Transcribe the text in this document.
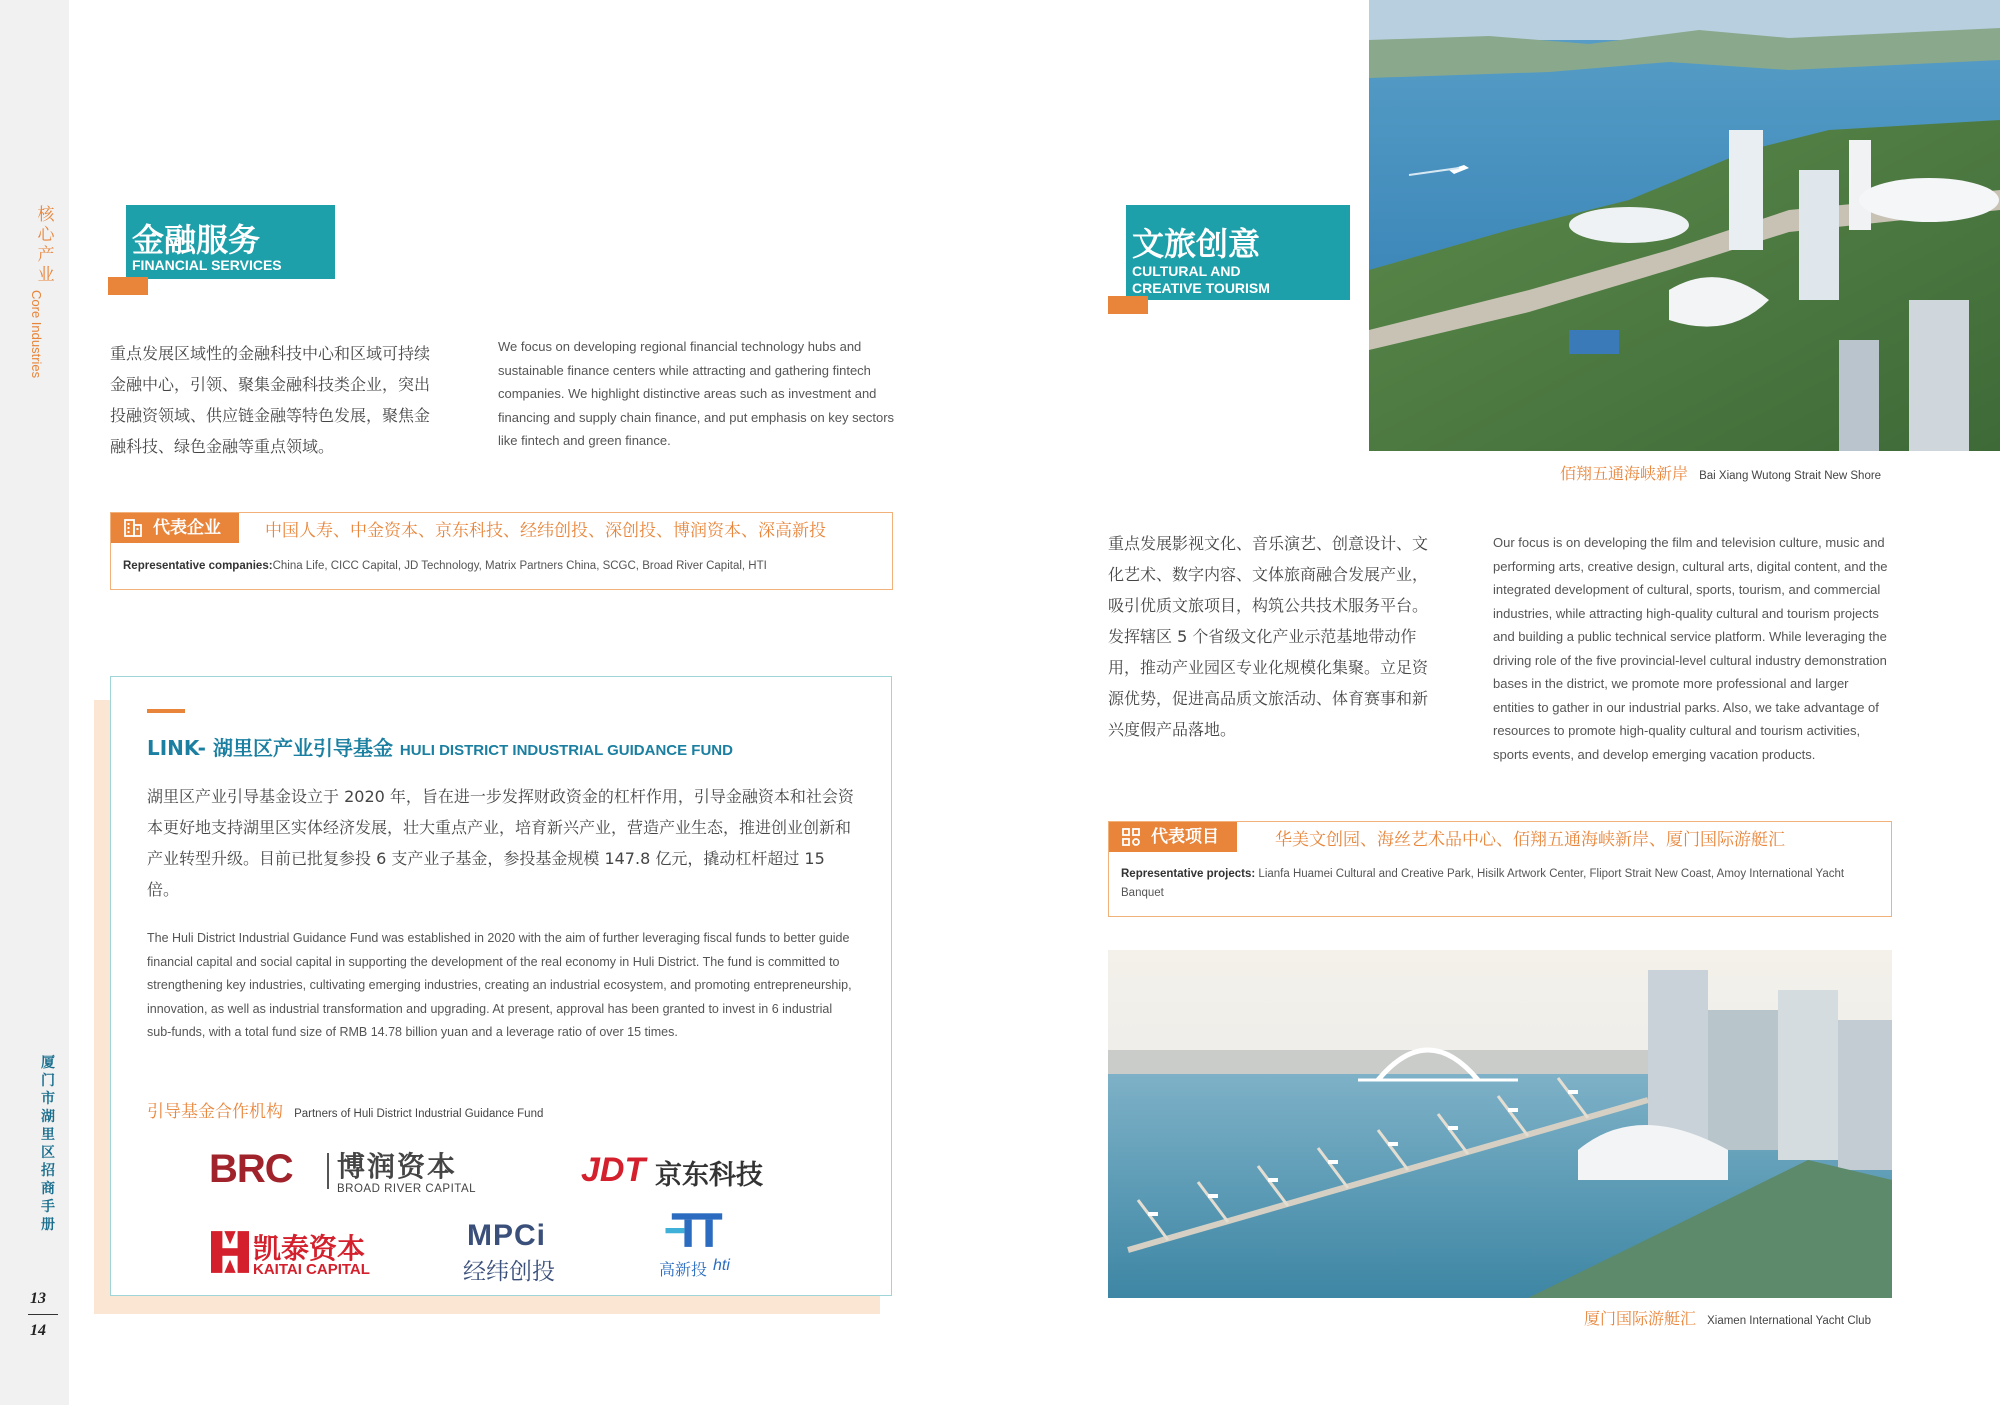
核心产业
Core Industries
厦门市湖里区招商手册
13
14
金融服务
FINANCIAL SERVICES
重点发展区域性的金融科技中心和区域可持续金融中心，引领、聚集金融科技类企业，突出投融资领域、供应链金融等特色发展，聚焦金融科技、绿色金融等重点领域。
We focus on developing regional financial technology hubs and sustainable finance centers while attracting and gathering fintech companies. We highlight distinctive areas such as investment and financing and supply chain finance, and put emphasis on key sectors like fintech and green finance.
代表企业	中国人寿、中金资本、京东科技、经纬创投、深创投、博润资本、深高新投
Representative companies:China Life, CICC Capital, JD Technology, Matrix Partners China, SCGC, Broad River Capital, HTI
LINK- 湖里区产业引导基金 HULI DISTRICT INDUSTRIAL GUIDANCE FUND
湖里区产业引导基金设立于 2020 年，旨在进一步发挥财政资金的杠杆作用，引导金融资本和社会资本更好地支持湖里区实体经济发展，壮大重点产业，培育新兴产业，营造产业生态，推进创业创新和产业转型升级。目前已批复参投 6 支产业子基金，参投基金规模 147.8 亿元，撬动杠杆超过 15 倍。
The Huli District Industrial Guidance Fund was established in 2020 with the aim of further leveraging fiscal funds to better guide financial capital and social capital in supporting the development of the real economy in Huli District. The fund is committed to strengthening key industries, cultivating emerging industries, creating an industrial ecosystem, and promoting entrepreneurship, innovation, as well as industrial transformation and upgrading. At present, approval has been granted to invest in 6 industrial sub-funds, with a total fund size of RMB 14.78 billion yuan and a leverage ratio of over 15 times.
引导基金合作机构 Partners of Huli District Industrial Guidance Fund
BRC 博润资本
BROAD RIVER CAPITAL	JDT 京东科技
凯泰资本
KAITAI CAPITAL
MPCi
经纬创投	高新投 hti
文旅创意
CULTURAL AND
CREATIVE TOURISM
佰翔五通海峡新岸 Bai Xiang Wutong Strait New Shore
重点发展影视文化、音乐演艺、创意设计、文化艺术、数字内容、文体旅商融合发展产业，吸引优质文旅项目，构筑公共技术服务平台。发挥辖区 5 个省级文化产业示范基地带动作用，推动产业园区专业化规模化集聚。立足资源优势，促进高品质文旅活动、体育赛事和新兴度假产品落地。
Our focus is on developing the film and television culture, music and performing arts, creative design, cultural arts, digital content, and the integrated development of cultural, sports, tourism, and commercial industries, while attracting high-quality cultural and tourism projects and building a public technical service platform. While leveraging the driving role of the five provincial-level cultural industry demonstration bases in the district, we promote more professional and larger entities to gather in our industrial parks. Also, we take advantage of resources to promote high-quality cultural and tourism activities, sports events, and develop emerging vacation products.
代表项目	华美文创园、海丝艺术品中心、佰翔五通海峡新岸、厦门国际游艇汇
Representative projects: Lianfa Huamei Cultural and Creative Park, Hisilk Artwork Center, Fliport Strait New Coast, Amoy International Yacht Banquet
厦门国际游艇汇 Xiamen International Yacht Club
